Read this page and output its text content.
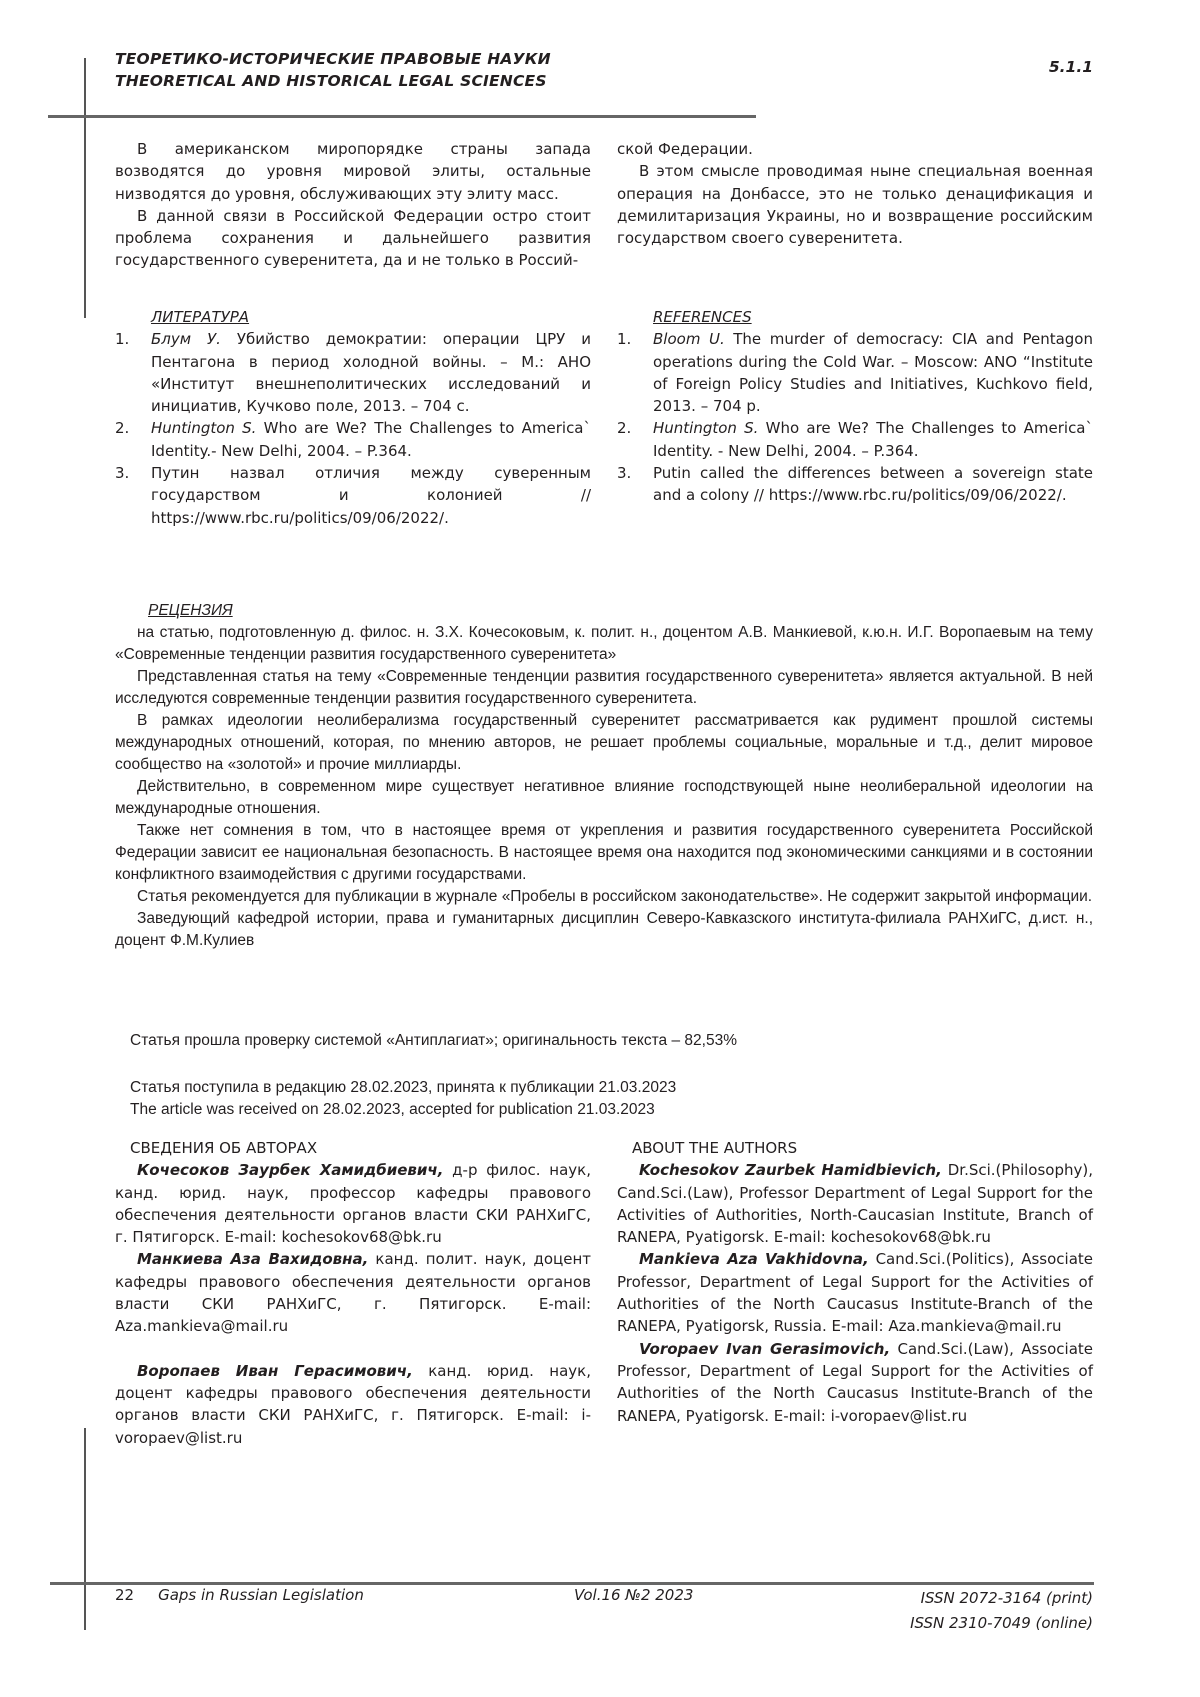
ТЕОРЕТИКО-ИСТОРИЧЕСКИЕ ПРАВОВЫЕ НАУКИ
THEORETICAL AND HISTORICAL LEGAL SCIENCES
5.1.1

В американском миропорядке страны запада возводятся до уровня мировой элиты, остальные низводятся до уровня, обслуживающих эту элиту масс.

В данной связи в Российской Федерации остро стоит проблема сохранения и дальнейшего развития государственного суверенитета, да и не только в Россий-

ской Федерации.

В этом смысле проводимая ныне специальная военная операция на Донбассе, это не только денацификация и демилитаризация Украины, но и возвращение российским государством своего суверенитета.

ЛИТЕРАТУРА
1. Блум У. Убийство демократии: операции ЦРУ и Пентагона в период холодной войны. – М.: АНО «Институт внешнеполитических исследований и инициатив, Кучково поле, 2013. – 704 с.
2. Huntington S. Who are We? The Challenges to America` Identity.- New Delhi, 2004. – P.364.
3. Путин назвал отличия между суверенным государством и колонией // https://www.rbc.ru/politics/09/06/2022/.
REFERENCES
1. Bloom U. The murder of democracy: CIA and Pentagon operations during the Cold War. – Moscow: ANO “Institute of Foreign Policy Studies and Initiatives, Kuchkovo field, 2013. – 704 p.
2. Huntington S. Who are We? The Challenges to America` Identity. - New Delhi, 2004. – P.364.
3. Putin called the differences between a sovereign state and a colony // https://www.rbc.ru/politics/09/06/2022/.
РЕЦЕНЗИЯ

на статью, подготовленную д. филос. н. З.Х. Кочесоковым, к. полит. н., доцентом А.В. Манкиевой, к.ю.н. И.Г. Воропаевым на тему «Современные тенденции развития государственного суверенитета»

Представленная статья на тему «Современные тенденции развития государственного суверенитета» является актуальной. В ней исследуются современные тенденции развития государственного суверенитета.

В рамках идеологии неолиберализма государственный суверенитет рассматривается как рудимент прошлой системы международных отношений, которая, по мнению авторов, не решает проблемы социальные, моральные и т.д., делит мировое сообщество на «золотой» и прочие миллиарды.

Действительно, в современном мире существует негативное влияние господствующей ныне неолиберальной идеологии на международные отношения.

Также нет сомнения в том, что в настоящее время от укрепления и развития государственного суверенитета Российской Федерации зависит ее национальная безопасность. В настоящее время она находится под экономическими санкциями и в состоянии конфликтного взаимодействия с другими государствами.

Статья рекомендуется для публикации в журнале «Пробелы в российском законодательстве». Не содержит закрытой информации.

Заведующий кафедрой истории, права и гуманитарных дисциплин Северо-Кавказского института-филиала РАНХиГС, д.ист. н., доцент Ф.М.Кулиев

Статья прошла проверку системой «Антиплагиат»; оригинальность текста – 82,53%
Статья поступила в редакцию 28.02.2023, принята к публикации 21.03.2023
The article was received on 28.02.2023, accepted for publication 21.03.2023

СВЕДЕНИЯ ОБ АВТОРАХ

Кочесоков Заурбек Хамидбиевич, д-р филос. наук, канд. юрид. наук, профессор кафедры правового обеспечения деятельности органов власти СКИ РАНХиГС, г. Пятигорск. E-mail: kochesokov68@bk.ru

Манкиева Аза Вахидовна, канд. полит. наук, доцент кафедры правового обеспечения деятельности органов власти СКИ РАНХиГС, г. Пятигорск. E-mail: Aza.mankieva@mail.ru

Воропаев Иван Герасимович, канд. юрид. наук, доцент кафедры правового обеспечения деятельности органов власти СКИ РАНХиГС, г. Пятигорск. E-mail: i-voropaev@list.ru

ABOUT THE AUTHORS

Kochesokov Zaurbek Hamidbievich, Dr.Sci.(Philosophy), Cand.Sci.(Law), Professor Department of Legal Support for the Activities of Authorities, North-Caucasian Institute, Branch of RANEPA, Pyatigorsk. E-mail: kochesokov68@bk.ru

Mankieva Aza Vakhidovna, Cand.Sci.(Politics), Associate Professor, Department of Legal Support for the Activities of Authorities of the North Caucasus Institute-Branch of the RANEPA, Pyatigorsk, Russia. E-mail: Aza.mankieva@mail.ru

Voropaev Ivan Gerasimovich, Cand.Sci.(Law), Associate Professor, Department of Legal Support for the Activities of Authorities of the North Caucasus Institute-Branch of the RANEPA, Pyatigorsk. E-mail: i-voropaev@list.ru

22 Gaps in Russian Legislation	Vol.16 №2 2023	ISSN 2072-3164 (print)
ISSN 2310-7049 (online)
